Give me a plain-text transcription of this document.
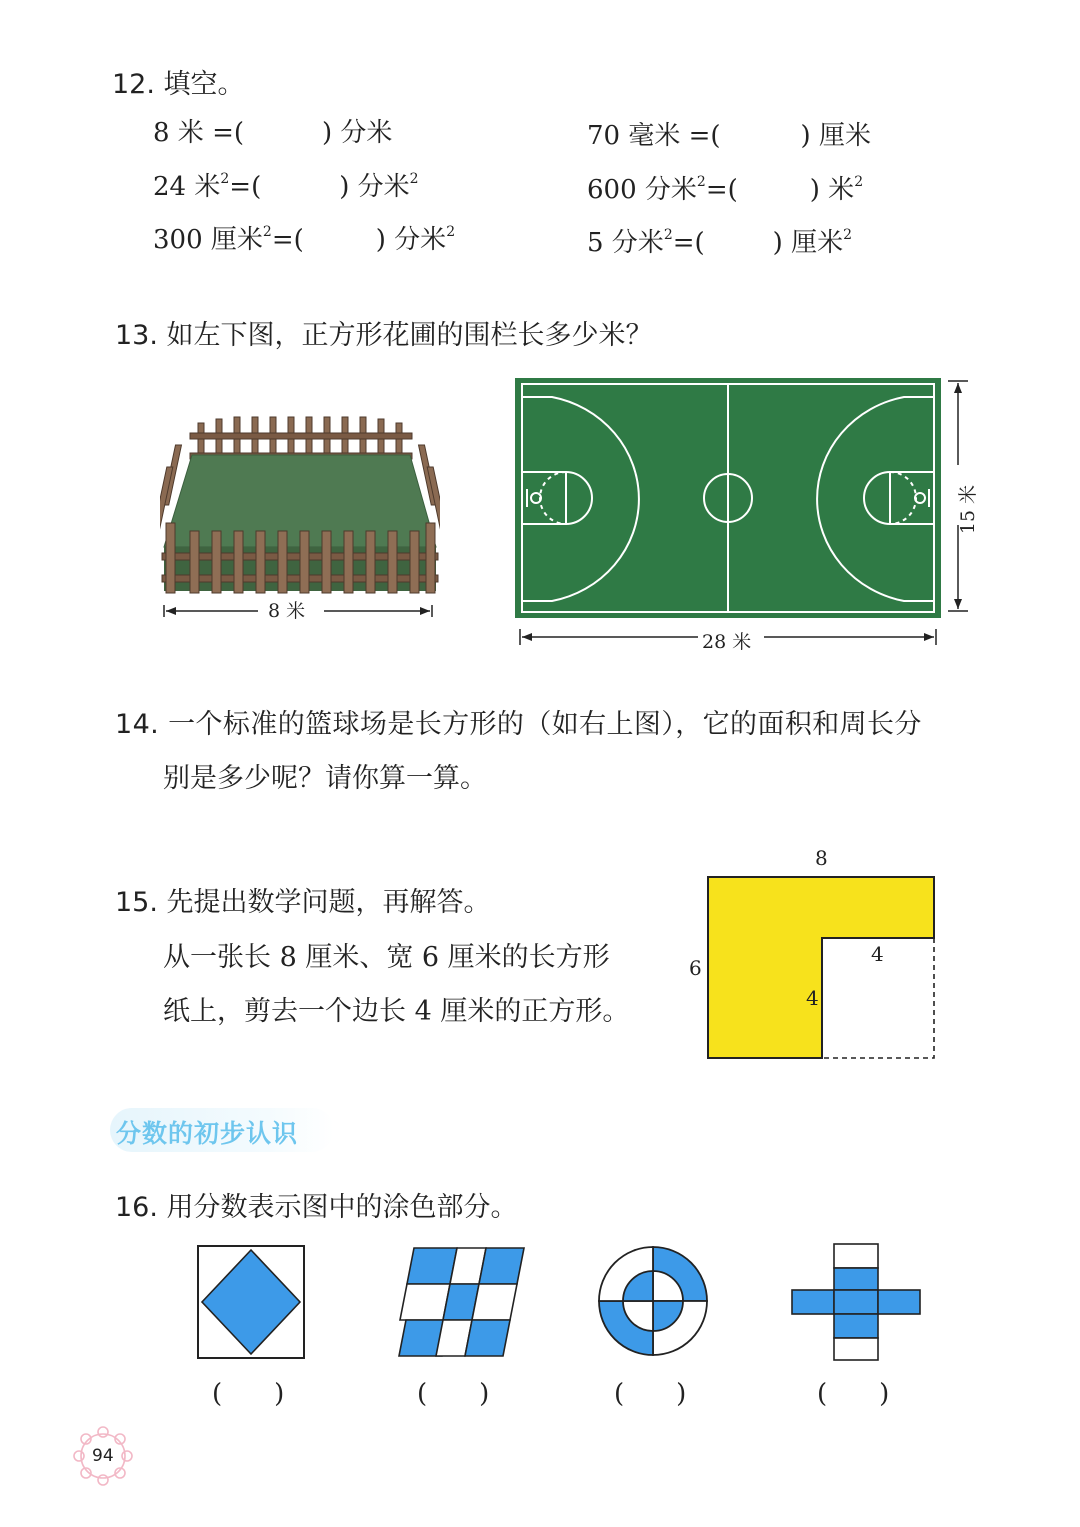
12. 填空。
8 米 =(	) 分米	70 毫米 =(	) 厘米
24 米$^2$=(	) 分米$^2$	600 分米$^2$=(	) 米$^2$
300 厘米$^2$=(	) 分米$^2$	5 分米$^2$=(	) 厘米$^2$
13. 如左下图，正方形花圃的围栏长多少米？
8 米
28 米
15 米
14. 一个标准的篮球场是长方形的（如右上图），它的面积和周长分
别是多少呢？请你算一算。
15. 先提出数学问题，再解答。
从一张长 8 厘米、宽 6 厘米的长方形
纸上，剪去一个边长 4 厘米的正方形。
8
6
4
4
分数的初步认识
16. 用分数表示图中的涂色部分。
(　　)	(　　)	(　　)	(　　)
94
